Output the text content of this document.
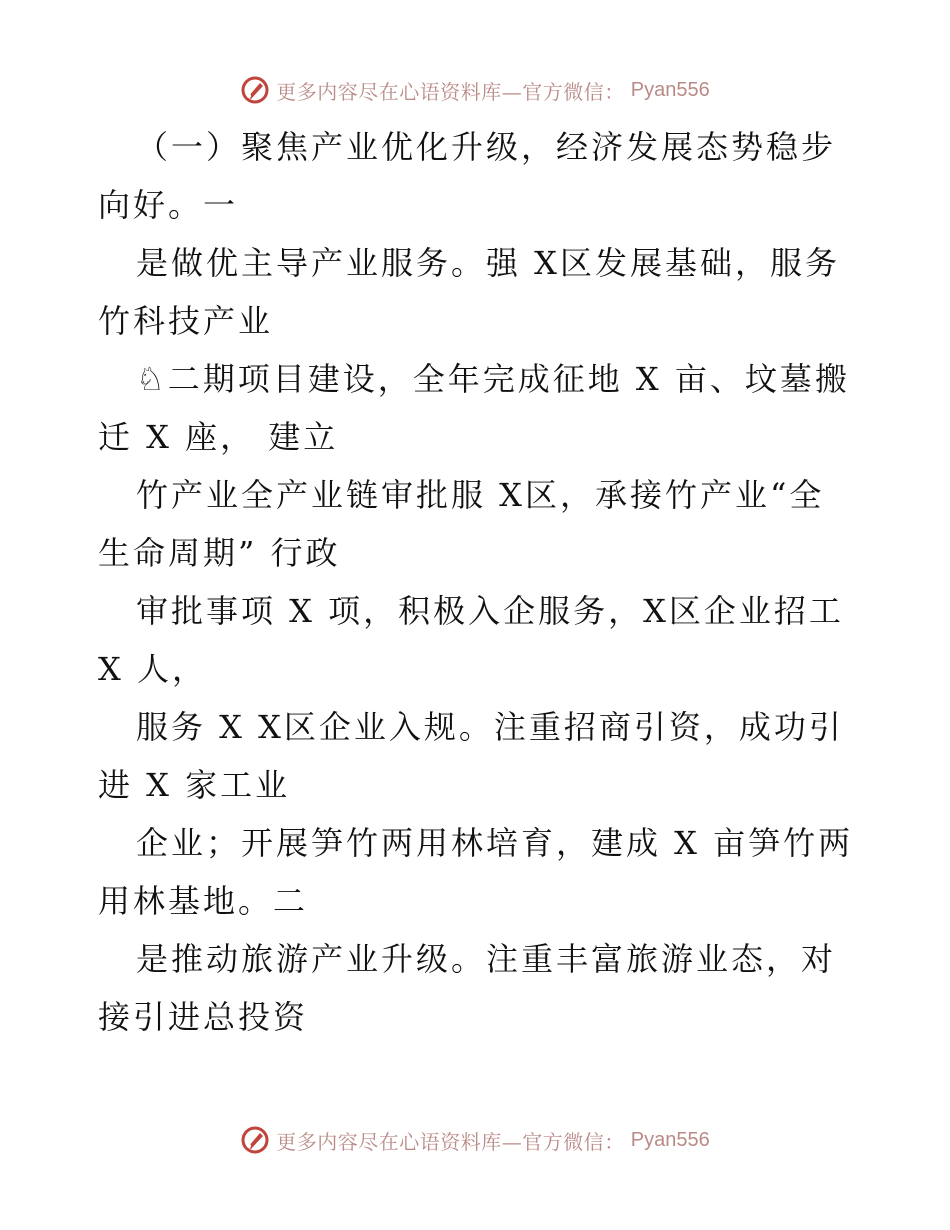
更多内容尽在心语资料库—官方微信： Pyan556

（一）聚焦产业优化升级，经济发展态势稳步向好。一

是做优主导产业服务。强 X区发展基础，服务竹科技产业

♘二期项目建设，全年完成征地 X 亩、坟墓搬迁 X 座， 建立

竹产业全产业链审批服 X区，承接竹产业“全生命周期” 行政

审批事项 X 项，积极入企服务，X区企业招工 X 人，

服务 X X区企业入规。注重招商引资，成功引进 X 家工业

企业；开展笋竹两用林培育，建成 X 亩笋竹两用林基地。二

是推动旅游产业升级。注重丰富旅游业态，对接引进总投资

更多内容尽在心语资料库—官方微信： Pyan556
